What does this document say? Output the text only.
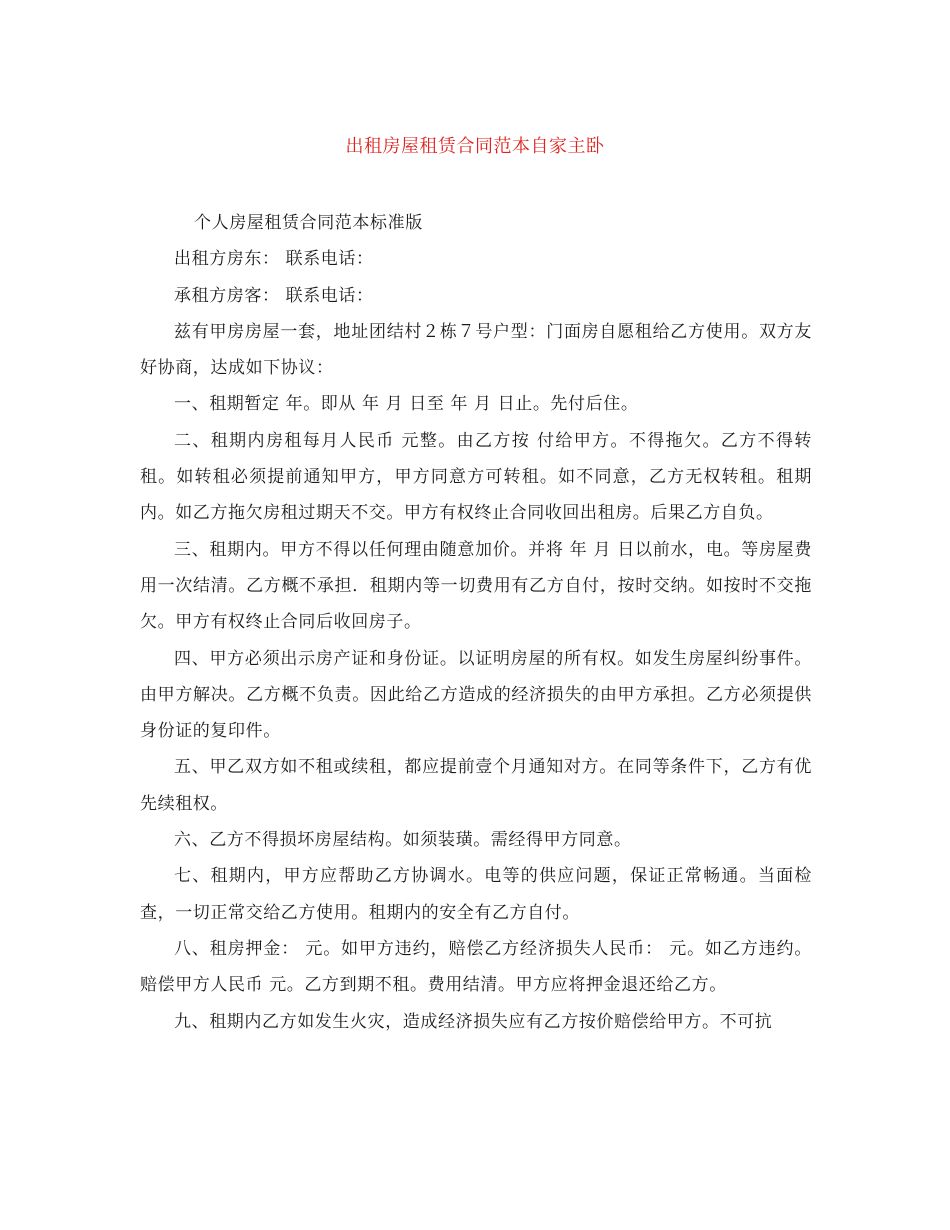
出租房屋租赁合同范本自家主卧

个人房屋租赁合同范本标准版

出租方房东： 联系电话：

承租方房客： 联系电话：

兹有甲房房屋一套，地址团结村２栋７号户型：门面房自愿租给乙方使用。双方友好协商，达成如下协议：

一、租期暂定 年。即从 年 月 日至 年 月 日止。先付后住。

二、租期内房租每月人民币 元整。由乙方按 付给甲方。不得拖欠。乙方不得转租。如转租必须提前通知甲方，甲方同意方可转租。如不同意，乙方无权转租。租期内。如乙方拖欠房租过期天不交。甲方有权终止合同收回出租房。后果乙方自负。

三、租期内。甲方不得以任何理由随意加价。并将 年 月 日以前水，电。等房屋费用一次结清。乙方概不承担．租期内等一切费用有乙方自付，按时交纳。如按时不交拖欠。甲方有权终止合同后收回房子。

四、甲方必须出示房产证和身份证。以证明房屋的所有权。如发生房屋纠纷事件。由甲方解决。乙方概不负责。因此给乙方造成的经济损失的由甲方承担。乙方必须提供身份证的复印件。

五、甲乙双方如不租或续租，都应提前壹个月通知对方。在同等条件下，乙方有优先续租权。

六、乙方不得损坏房屋结构。如须装璜。需经得甲方同意。

七、租期内，甲方应帮助乙方协调水。电等的供应问题，保证正常畅通。当面检查，一切正常交给乙方使用。租期内的安全有乙方自付。

八、租房押金： 元。如甲方违约，赔偿乙方经济损失人民币： 元。如乙方违约。赔偿甲方人民币 元。乙方到期不租。费用结清。甲方应将押金退还给乙方。

九、租期内乙方如发生火灾，造成经济损失应有乙方按价赔偿给甲方。不可抗
